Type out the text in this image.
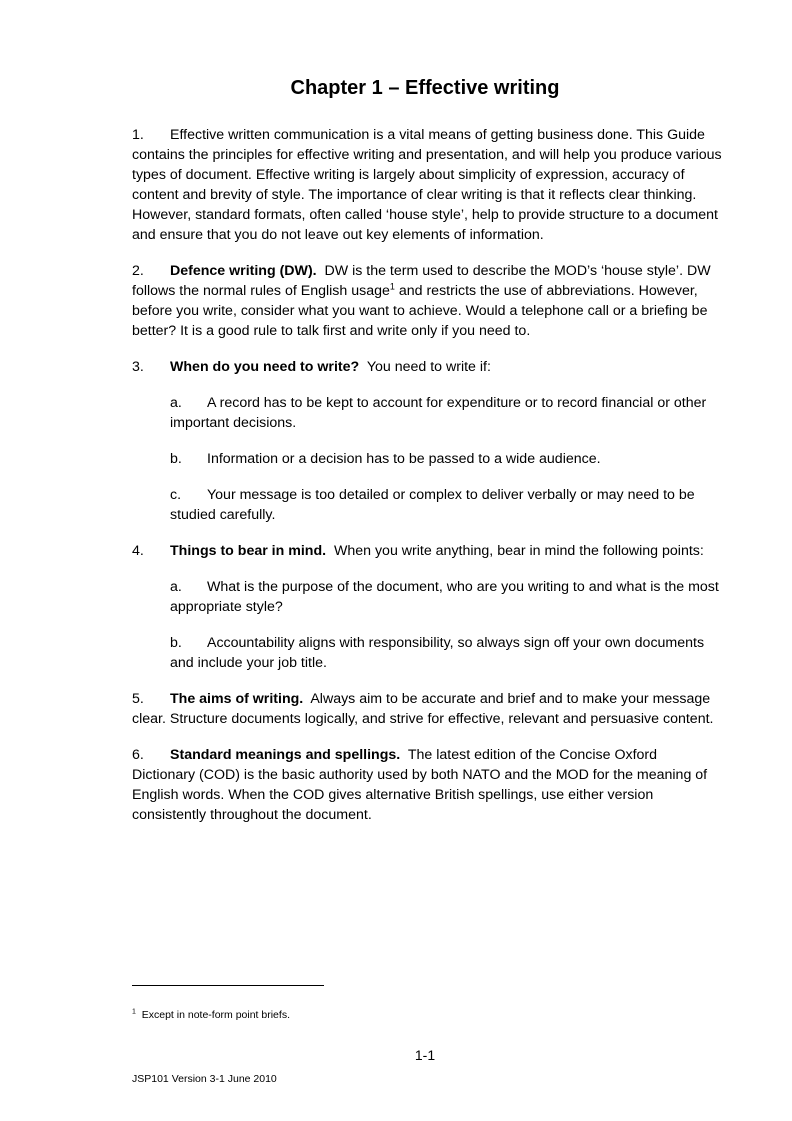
Chapter 1 – Effective writing

1. Effective written communication is a vital means of getting business done. This Guide contains the principles for effective writing and presentation, and will help you produce various types of document. Effective writing is largely about simplicity of expression, accuracy of content and brevity of style. The importance of clear writing is that it reflects clear thinking. However, standard formats, often called ‘house style’, help to provide structure to a document and ensure that you do not leave out key elements of information.

2. Defence writing (DW). DW is the term used to describe the MOD’s ‘house style’. DW follows the normal rules of English usage$^1$ and restricts the use of abbreviations. However, before you write, consider what you want to achieve. Would a telephone call or a briefing be better? It is a good rule to talk first and write only if you need to.

3. When do you need to write? You need to write if:

a. A record has to be kept to account for expenditure or to record financial or other important decisions.

b. Information or a decision has to be passed to a wide audience.

c. Your message is too detailed or complex to deliver verbally or may need to be studied carefully.

4. Things to bear in mind. When you write anything, bear in mind the following points:

a. What is the purpose of the document, who are you writing to and what is the most appropriate style?

b. Accountability aligns with responsibility, so always sign off your own documents and include your job title.

5. The aims of writing. Always aim to be accurate and brief and to make your message clear. Structure documents logically, and strive for effective, relevant and persuasive content.

6. Standard meanings and spellings. The latest edition of the Concise Oxford Dictionary (COD) is the basic authority used by both NATO and the MOD for the meaning of English words. When the COD gives alternative British spellings, use either version consistently throughout the document.

$^1$ Except in note-form point briefs.
1-1
JSP101 Version 3-1 June 2010
